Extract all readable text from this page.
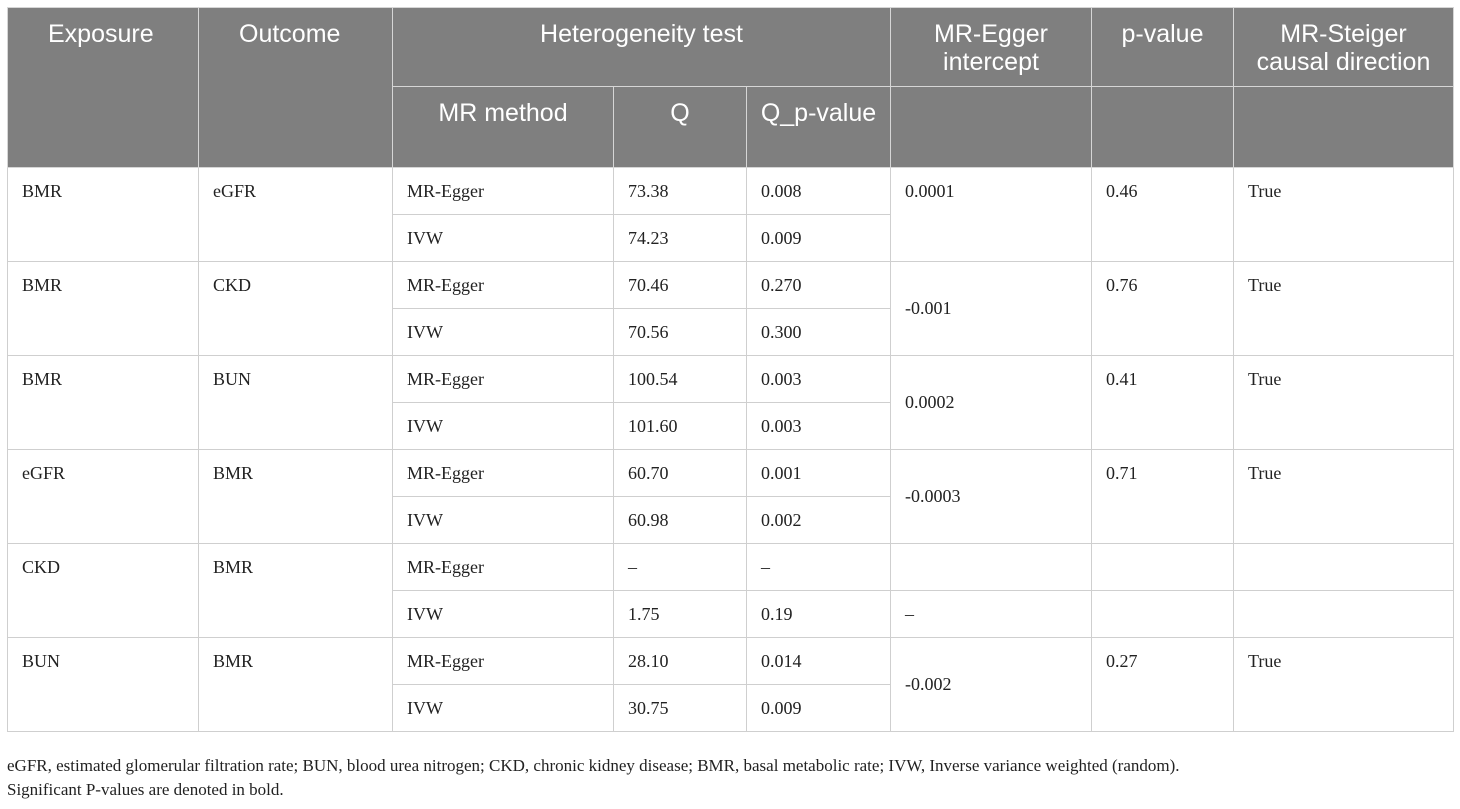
Exposure	Outcome	Heterogeneity test			MR-Egger intercept	p-value	MR-Steiger causal direction
		MR method	Q	Q_p-value			
BMR	eGFR	MR-Egger	73.38	0.008	0.0001	0.46	True
		IVW	74.23	0.009			
BMR	CKD	MR-Egger	70.46	0.270	-0.001	0.76	True
		IVW	70.56	0.300			
BMR	BUN	MR-Egger	100.54	0.003	0.0002	0.41	True
		IVW	101.60	0.003			
eGFR	BMR	MR-Egger	60.70	0.001	-0.0003	0.71	True
		IVW	60.98	0.002			
CKD	BMR	MR-Egger	–	–			
		IVW	1.75	0.19	–		
BUN	BMR	MR-Egger	28.10	0.014	-0.002	0.27	True
		IVW	30.75	0.009			
eGFR, estimated glomerular filtration rate; BUN, blood urea nitrogen; CKD, chronic kidney disease; BMR, basal metabolic rate; IVW, Inverse variance weighted (random).
Significant P-values are denoted in bold.
